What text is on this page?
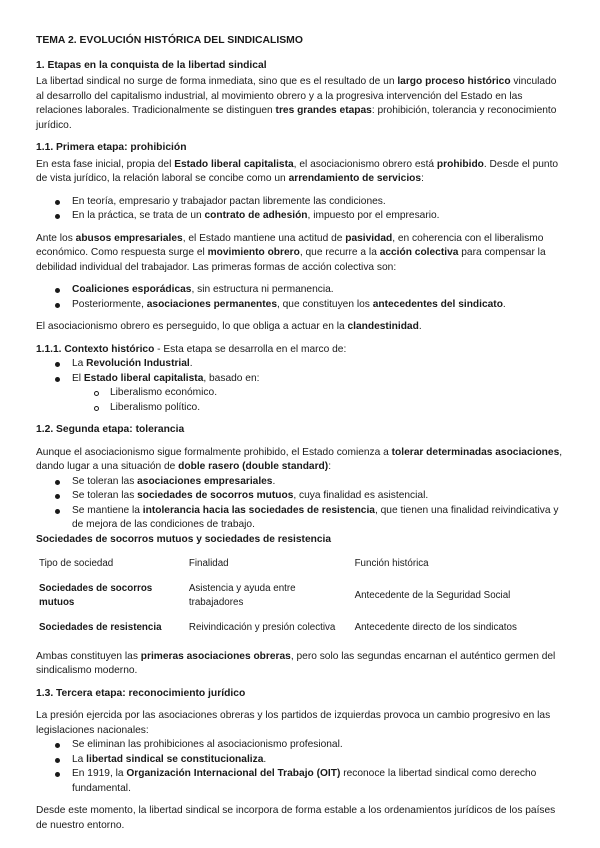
TEMA 2. EVOLUCIÓN HISTÓRICA DEL SINDICALISMO
1. Etapas en la conquista de la libertad sindical

La libertad sindical no surge de forma inmediata, sino que es el resultado de un largo proceso histórico vinculado al desarrollo del capitalismo industrial, al movimiento obrero y a la progresiva intervención del Estado en las relaciones laborales. Tradicionalmente se distinguen tres grandes etapas: prohibición, tolerancia y reconocimiento jurídico.

1.1. Primera etapa: prohibición

En esta fase inicial, propia del Estado liberal capitalista, el asociacionismo obrero está prohibido. Desde el punto de vista jurídico, la relación laboral se concibe como un arrendamiento de servicios:

En teoría, empresario y trabajador pactan libremente las condiciones.
En la práctica, se trata de un contrato de adhesión, impuesto por el empresario.

Ante los abusos empresariales, el Estado mantiene una actitud de pasividad, en coherencia con el liberalismo económico. Como respuesta surge el movimiento obrero, que recurre a la acción colectiva para compensar la debilidad individual del trabajador. Las primeras formas de acción colectiva son:

Coaliciones esporádicas, sin estructura ni permanencia.
Posteriormente, asociaciones permanentes, que constituyen los antecedentes del sindicato.

El asociacionismo obrero es perseguido, lo que obliga a actuar en la clandestinidad.

1.1.1. Contexto histórico - Esta etapa se desarrolla en el marco de:
La Revolución Industrial.
El Estado liberal capitalista, basado en:
Liberalismo económico.
Liberalismo político.
1.2. Segunda etapa: tolerancia

Aunque el asociacionismo sigue formalmente prohibido, el Estado comienza a tolerar determinadas asociaciones, dando lugar a una situación de doble rasero (double standard):

Se toleran las asociaciones empresariales.
Se toleran las sociedades de socorros mutuos, cuya finalidad es asistencial.
Se mantiene la intolerancia hacia las sociedades de resistencia, que tienen una finalidad reivindicativa y de mejora de las condiciones de trabajo.
Sociedades de socorros mutuos y sociedades de resistencia
Tipo de sociedad	Finalidad	Función histórica
Sociedades de socorros mutuos	Asistencia y ayuda entre trabajadores	Antecedente de la Seguridad Social
Sociedades de resistencia	Reivindicación y presión colectiva	Antecedente directo de los sindicatos

Ambas constituyen las primeras asociaciones obreras, pero solo las segundas encarnan el auténtico germen del sindicalismo moderno.

1.3. Tercera etapa: reconocimiento jurídico

La presión ejercida por las asociaciones obreras y los partidos de izquierdas provoca un cambio progresivo en las legislaciones nacionales:

Se eliminan las prohibiciones al asociacionismo profesional.
La libertad sindical se constitucionaliza.
En 1919, la Organización Internacional del Trabajo (OIT) reconoce la libertad sindical como derecho fundamental.

Desde este momento, la libertad sindical se incorpora de forma estable a los ordenamientos jurídicos de los países de nuestro entorno.
